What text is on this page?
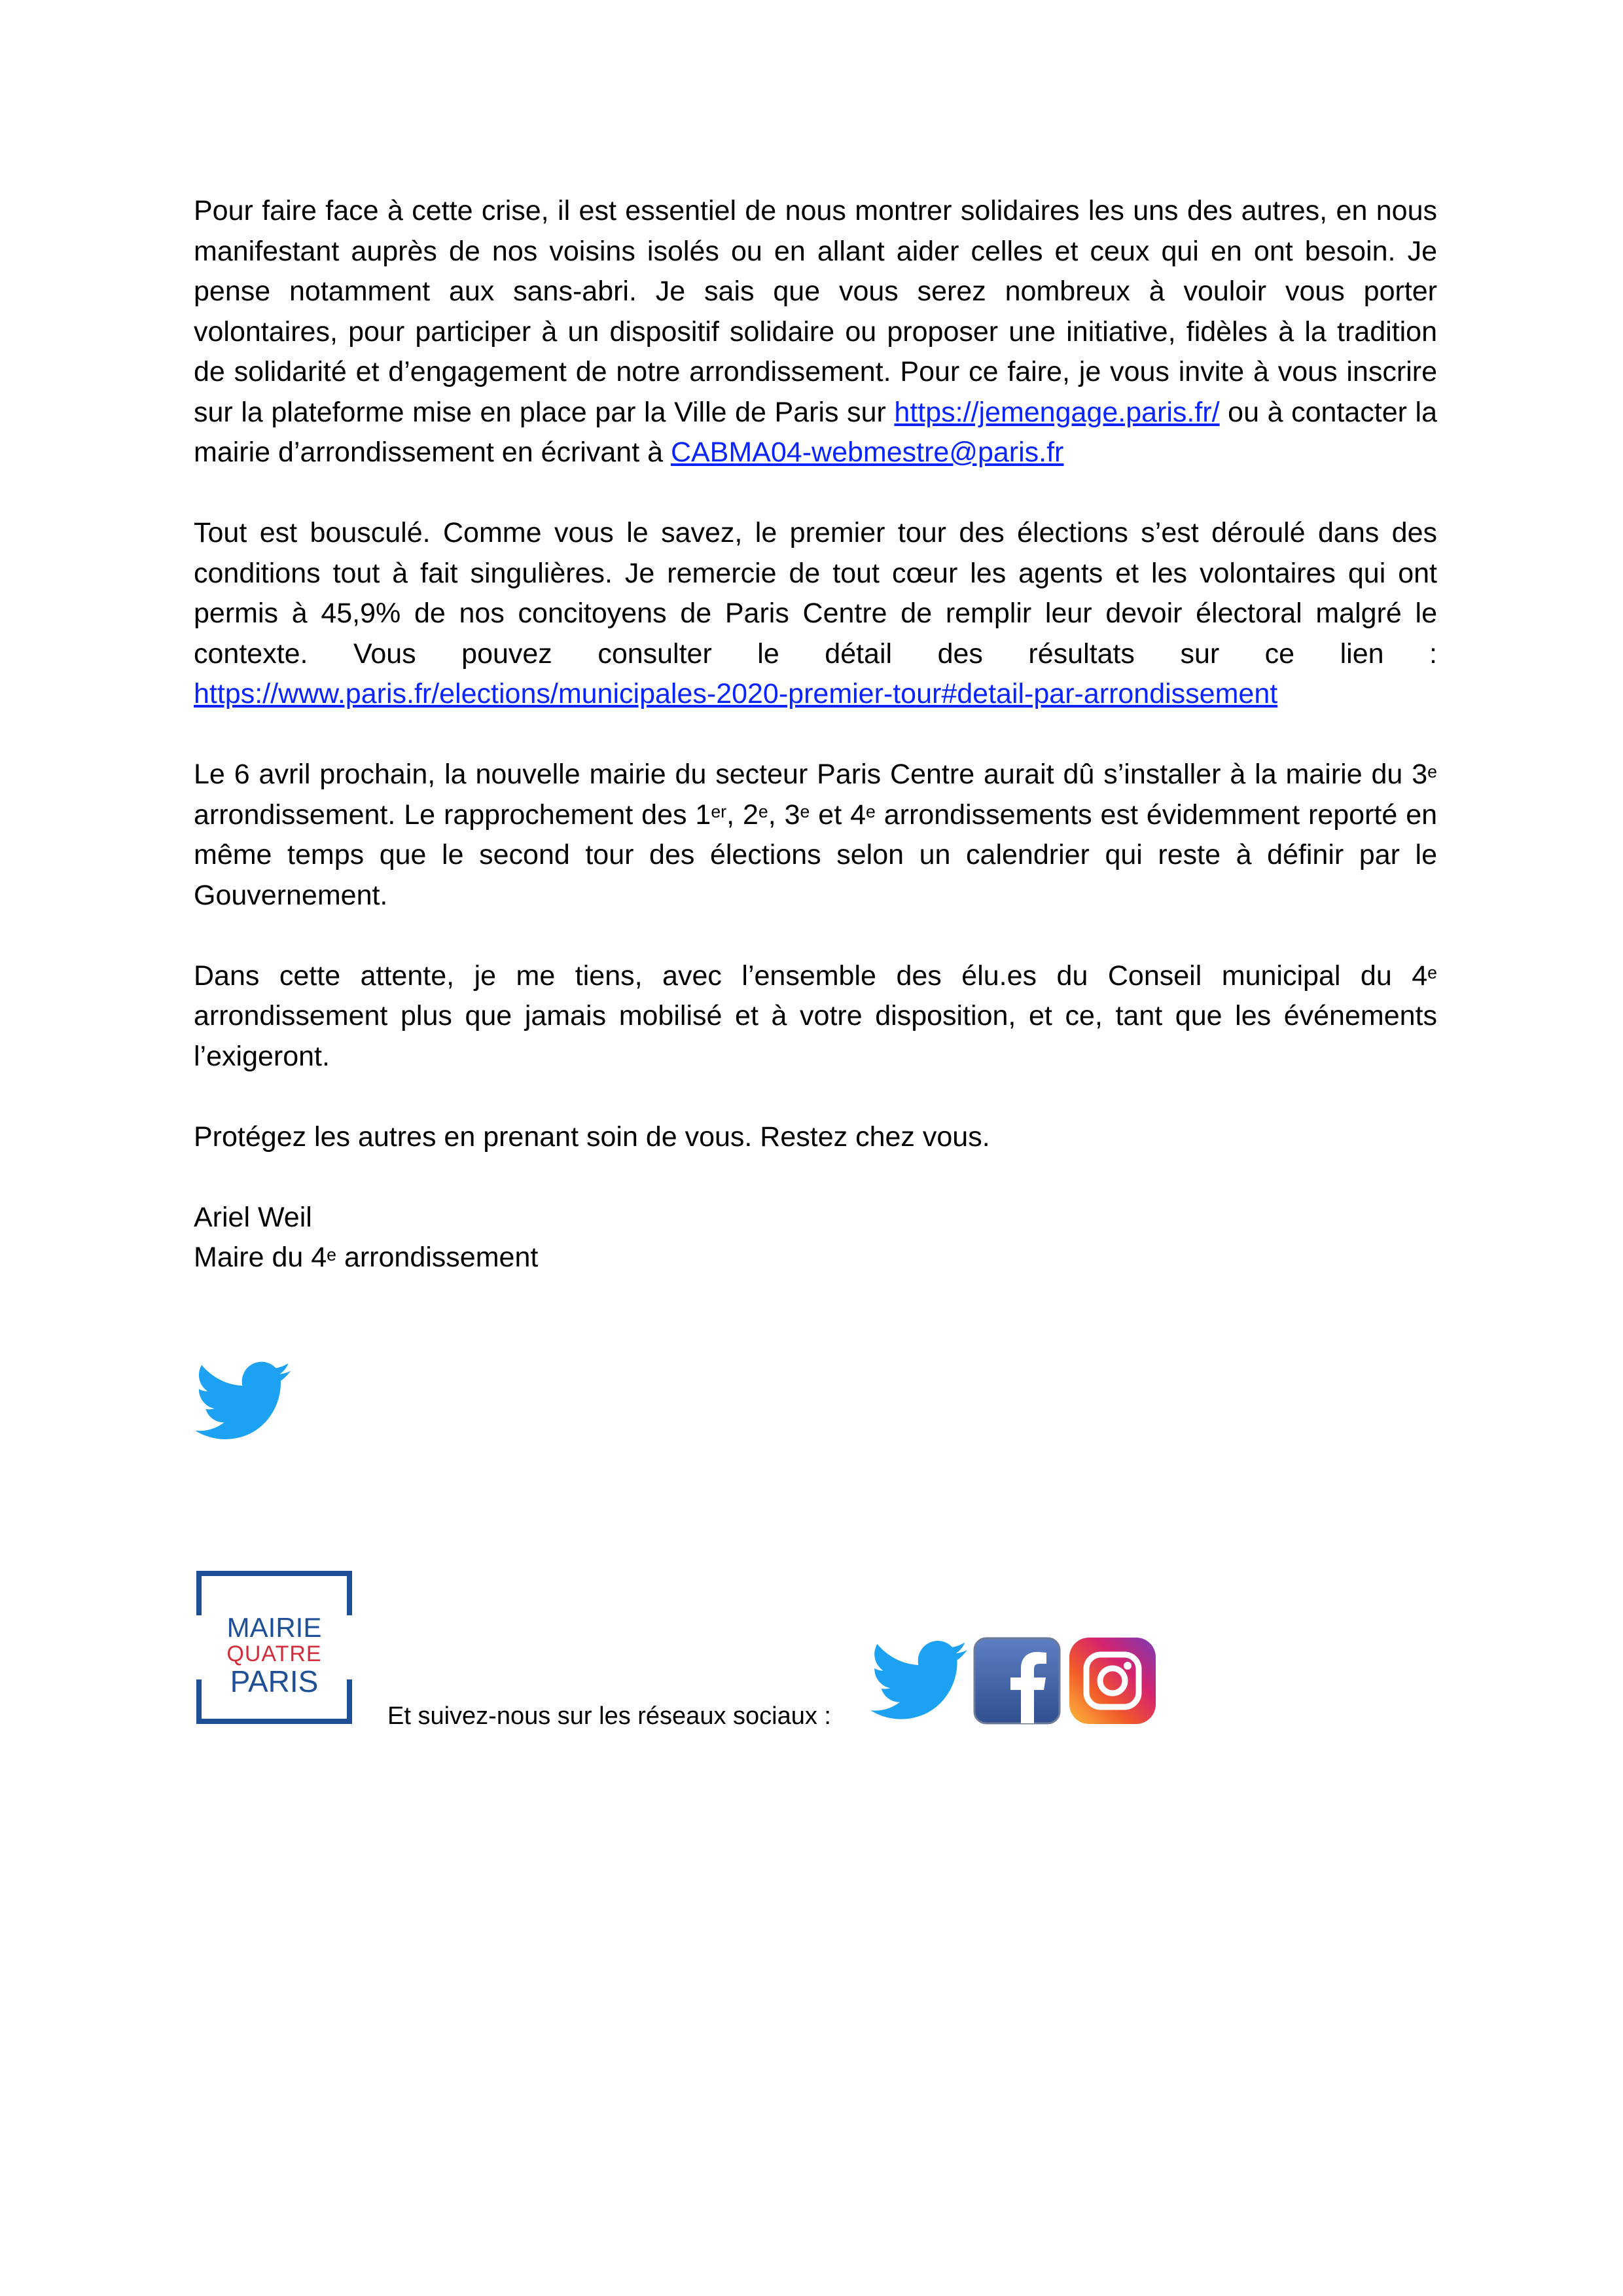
Pour faire face à cette crise, il est essentiel de nous montrer solidaires les uns des autres, en nous manifestant auprès de nos voisins isolés ou en allant aider celles et ceux qui en ont besoin. Je pense notamment aux sans-abri. Je sais que vous serez nombreux à vouloir vous porter volontaires, pour participer à un dispositif solidaire ou proposer une initiative, fidèles à la tradition de solidarité et d’engagement de notre arrondissement. Pour ce faire, je vous invite à vous inscrire sur la plateforme mise en place par la Ville de Paris sur https://jemengage.paris.fr/ ou à contacter la mairie d’arrondissement en écrivant à CABMA04-webmestre@paris.fr

Tout est bousculé. Comme vous le savez, le premier tour des élections s’est déroulé dans des conditions tout à fait singulières. Je remercie de tout cœur les agents et les volontaires qui ont permis à 45,9% de nos concitoyens de Paris Centre de remplir leur devoir électoral malgré le contexte. Vous pouvez consulter le détail des résultats sur ce lien : https://www.paris.fr/elections/municipales-2020-premier-tour#detail-par-arrondissement

Le 6 avril prochain, la nouvelle mairie du secteur Paris Centre aurait dû s’installer à la mairie du 3e arrondissement. Le rapprochement des 1er, 2e, 3e et 4e arrondissements est évidemment reporté en même temps que le second tour des élections selon un calendrier qui reste à définir par le Gouvernement.

Dans cette attente, je me tiens, avec l’ensemble des élu.es du Conseil municipal du 4e arrondissement plus que jamais mobilisé et à votre disposition, et ce, tant que les événements l’exigeront.

Protégez les autres en prenant soin de vous. Restez chez vous.

Ariel Weil

Maire du 4e arrondissement

MAIRIE
QUATRE
PARIS
Et suivez-nous sur les réseaux sociaux :
